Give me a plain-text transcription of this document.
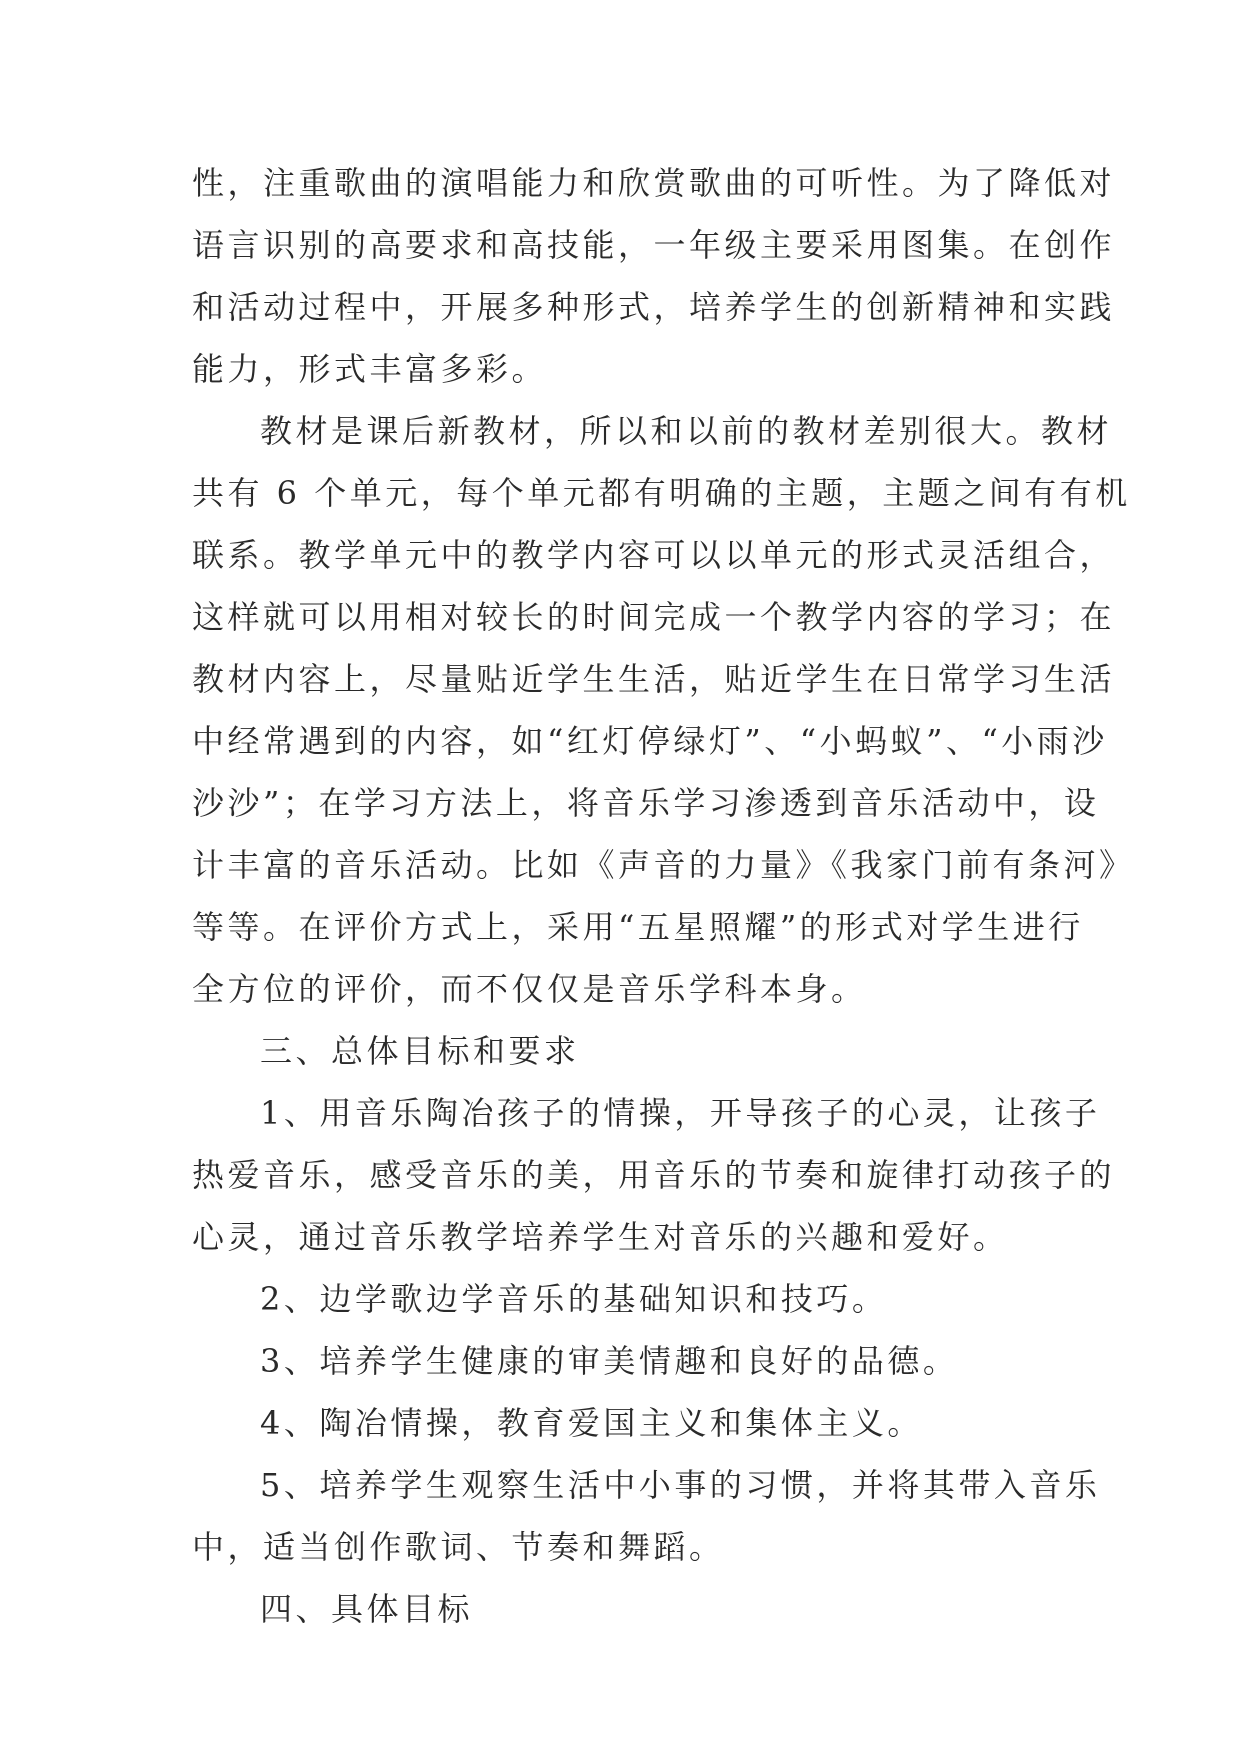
性，注重歌曲的演唱能力和欣赏歌曲的可听性。为了降低对
语言识别的高要求和高技能，一年级主要采用图集。在创作
和活动过程中，开展多种形式，培养学生的创新精神和实践
能力，形式丰富多彩。
教材是课后新教材，所以和以前的教材差别很大。教材
共有 6 个单元，每个单元都有明确的主题，主题之间有有机
联系。教学单元中的教学内容可以以单元的形式灵活组合，
这样就可以用相对较长的时间完成一个教学内容的学习；在
教材内容上，尽量贴近学生生活，贴近学生在日常学习生活
中经常遇到的内容，如“红灯停绿灯”、“小蚂蚁”、“小雨沙
沙沙”；在学习方法上，将音乐学习渗透到音乐活动中，设
计丰富的音乐活动。比如《声音的力量》《我家门前有条河》
等等。在评价方式上，采用“五星照耀”的形式对学生进行
全方位的评价，而不仅仅是音乐学科本身。
三、总体目标和要求
1、用音乐陶冶孩子的情操，开导孩子的心灵，让孩子
热爱音乐，感受音乐的美，用音乐的节奏和旋律打动孩子的
心灵，通过音乐教学培养学生对音乐的兴趣和爱好。
2、边学歌边学音乐的基础知识和技巧。
3、培养学生健康的审美情趣和良好的品德。
4、陶冶情操，教育爱国主义和集体主义。
5、培养学生观察生活中小事的习惯，并将其带入音乐
中，适当创作歌词、节奏和舞蹈。
四、具体目标
